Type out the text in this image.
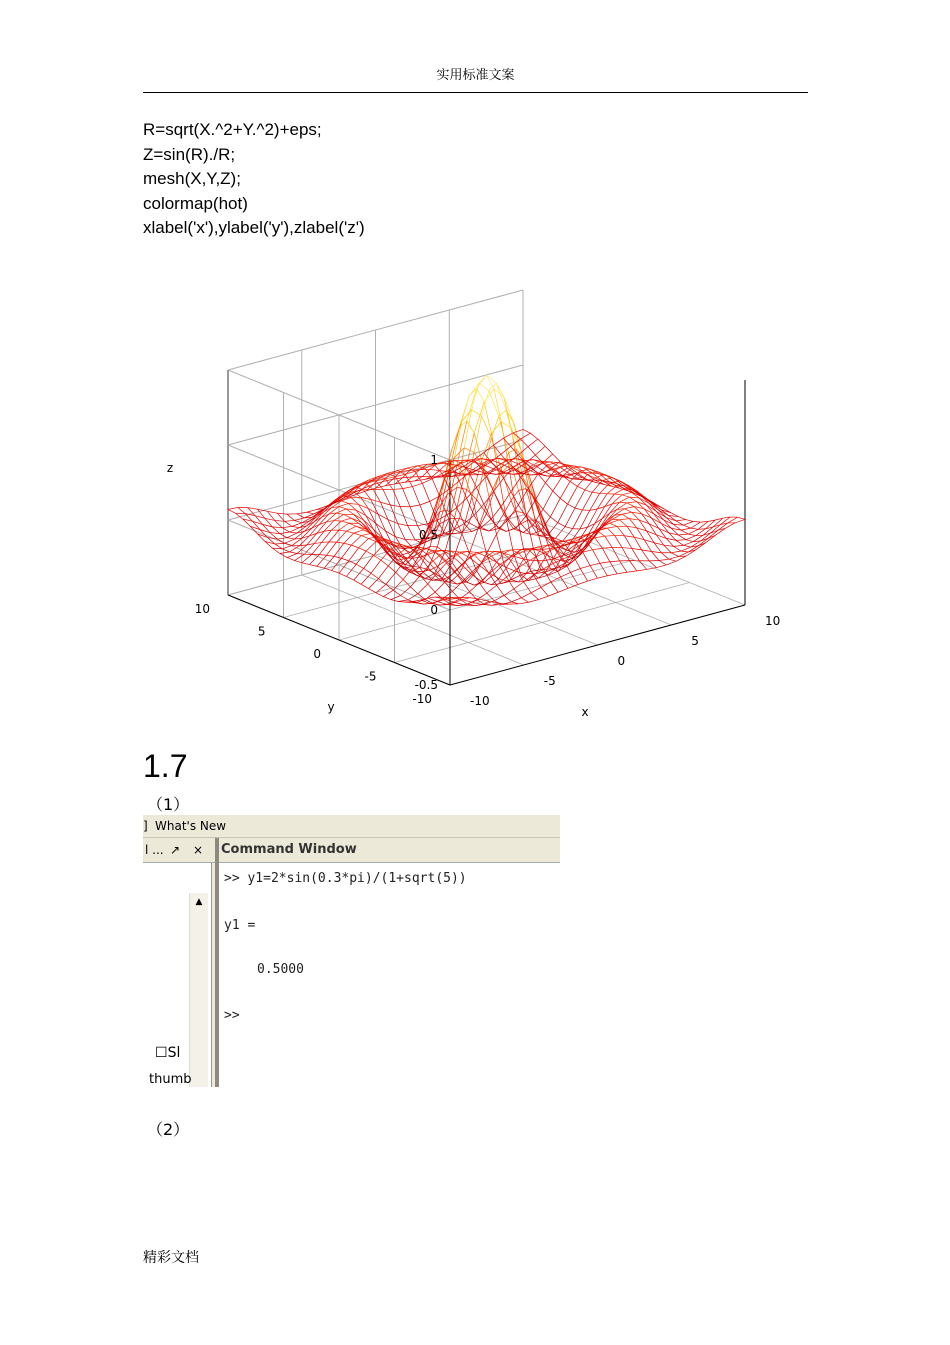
实用标准文案
R=sqrt(X.^2+Y.^2)+eps;
Z=sin(R)./R;
mesh(X,Y,Z);
colormap(hot)
xlabel('x'),ylabel('y'),zlabel('z')
1
0.5
0
-0.5
10
5
0
-5
-10	-10
-5
0
5
10
z
y	x
1.7
（1）
] What's New
l ... ↗ ×
▲
☐Sl
thumb
Command Window
>> y1=2*sin(0.3*pi)/(1+sqrt(5))
y1 =
0.5000
>>
（2）
精彩文档
